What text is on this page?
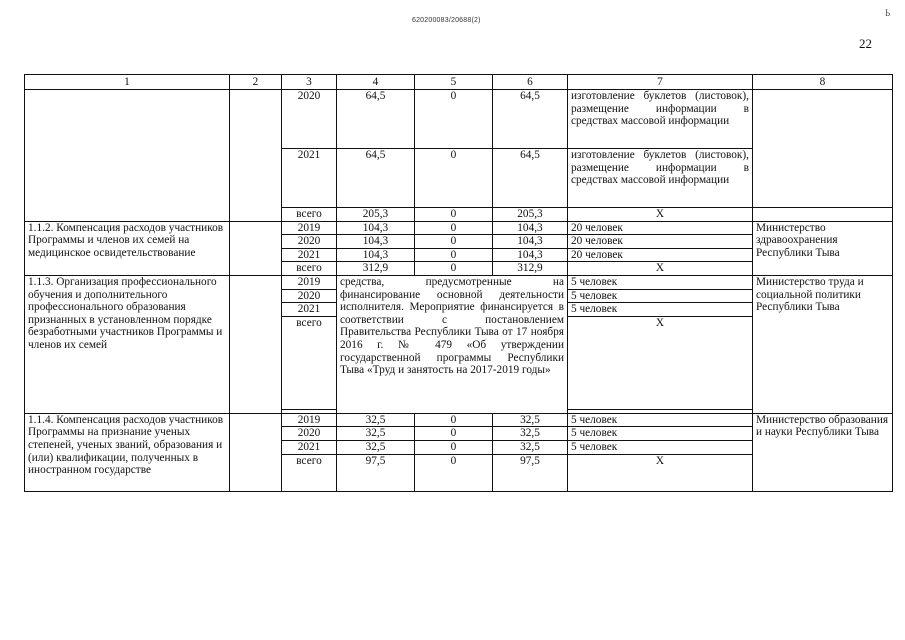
620200083/20688(2)
Ь
22
1	2	3	4	5	6	7	8
		2020	64,5	0	64,5	изготовление буклетов (листовок), размещение информации в средствах массовой информации	
		2021	64,5	0	64,5	изготовление буклетов (листовок), размещение информации в средствах массовой информации	
		всего	205,3	0	205,3	X	
1.1.2. Компенсация расходов участников Программы и членов их семей на медицинское освидетельствование		2019	104,3	0	104,3	20 человек	Министерство здравоохранения Республики Тыва
		2020	104,3	0	104,3	20 человек	
		2021	104,3	0	104,3	20 человек	
		всего	312,9	0	312,9	X	
1.1.3. Организация профессионального обучения и дополнительного профессионального образования признанных в установленном порядке безработными участников Программы и членов их семей		2019	средства, предусмотренные на финансирование основной деятельности исполнителя. Мероприятие финансируется в соответствии с постановлением Правительства Республики Тыва от 17 ноября 2016 г. № 479 «Об утверждении государственной программы Республики Тыва «Труд и занятость на 2017-2019 годы»			5 человек	Министерство труда и социальной политики Республики Тыва
		2020				5 человек	
		2021				5 человек	
		всего				X	

1.1.4. Компенсация расходов участников Программы на признание ученых степеней, ученых званий, образования и (или) квалификации, полученных в иностранном государстве		2019	32,5	0	32,5	5 человек	Министерство образования и науки Республики Тыва
		2020	32,5	0	32,5	5 человек	
		2021	32,5	0	32,5	5 человек	
		всего	97,5	0	97,5	X	
